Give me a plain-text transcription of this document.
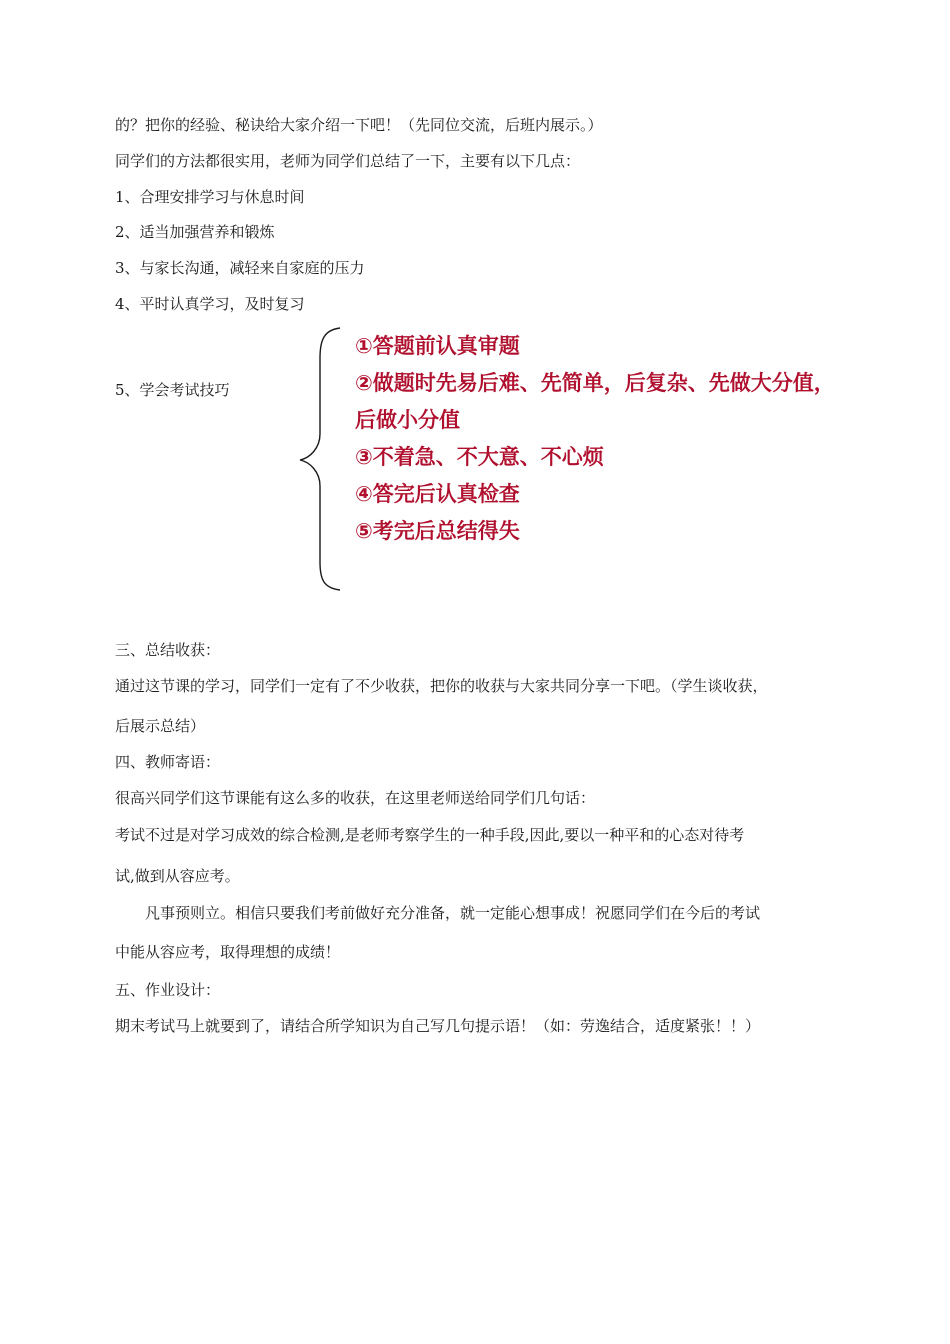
的？把你的经验、秘诀给大家介绍一下吧！（先同位交流，后班内展示。）
同学们的方法都很实用，老师为同学们总结了一下，主要有以下几点：
1、合理安排学习与休息时间
2、适当加强营养和锻炼
3、与家长沟通，减轻来自家庭的压力
4、平时认真学习，及时复习
5、学会考试技巧
①答题前认真审题
②做题时先易后难、先简单，后复杂、先做大分值，
后做小分值
③不着急、不大意、不心烦
④答完后认真检查
⑤考完后总结得失
三、总结收获：
通过这节课的学习，同学们一定有了不少收获，把你的收获与大家共同分享一下吧。（学生谈收获，
后展示总结）
四、教师寄语：
很高兴同学们这节课能有这么多的收获，在这里老师送给同学们几句话：
考试不过是对学习成效的综合检测,是老师考察学生的一种手段,因此,要以一种平和的心态对待考
试,做到从容应考。
凡事预则立。相信只要我们考前做好充分准备，就一定能心想事成！祝愿同学们在今后的考试
中能从容应考，取得理想的成绩！
五、作业设计：
期末考试马上就要到了，请结合所学知识为自己写几句提示语！（如：劳逸结合，适度紧张！！）
